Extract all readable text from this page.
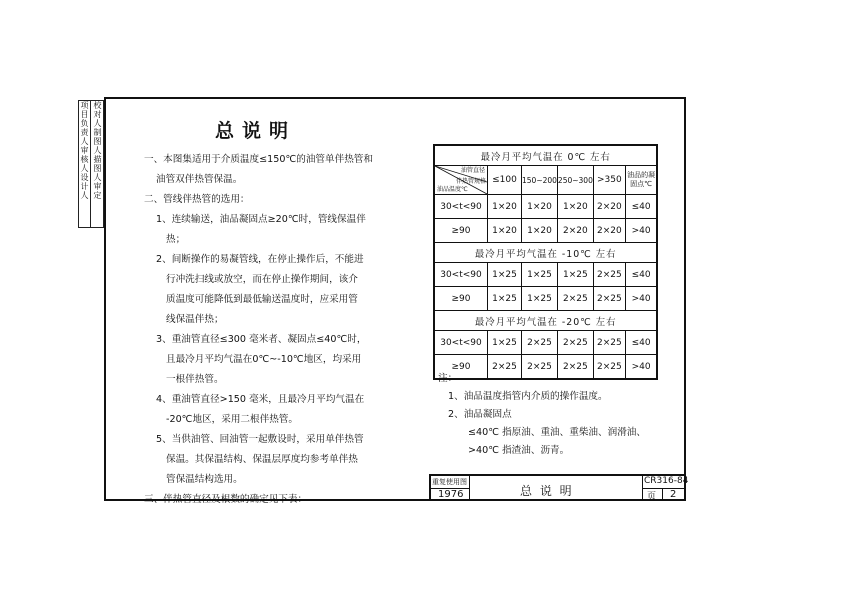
项目负责人审核人设计人 校对人制图人描图人审定	总说明

一、本图集适用于介质温度≤150℃的油管单伴热管和

油管双伴热管保温。

二、管线伴热管的选用：

1、连续输送，油品凝固点≥20℃时，管线保温伴

热；

2、间断操作的易凝管线，在停止操作后，不能进

行冲洗扫线或放空，而在停止操作期间，该介

质温度可能降低到最低输送温度时，应采用管

线保温伴热；

3、重油管直径≤300 毫米者、凝固点≤40℃时，

且最冷月平均气温在0℃~-10℃地区，均采用

一根伴热管。

4、重油管直径>150 毫米，且最冷月平均气温在

-20℃地区，采用二根伴热管。

5、当供油管、回油管一起敷设时，采用单伴热管

保温。其保温结构、保温层厚度均参考单伴热

管保温结构选用。

三、伴热管直径及根数的确定见下表：

最冷月平均气温在 0℃ 左右					

油管直径
伴热管规格
油品温度℃	≤100	150~200	250~300	>350	油品的凝固点℃
30<t<90	1×20	1×20	1×20	2×20	≤40
≥90	1×20	1×20	2×20	2×20	>40
最冷月平均气温在 -10℃ 左右					
30<t<90	1×25	1×25	1×25	2×25	≤40
≥90	1×25	1×25	2×25	2×25	>40
最冷月平均气温在 -20℃ 左右					
30<t<90	1×25	2×25	2×25	2×25	≤40
≥90	2×25	2×25	2×25	2×25	>40

注：

1、油品温度指管内介质的操作温度。

2、油品凝固点

≤40℃ 指原油、重油、重柴油、润滑油、

>40℃ 指渣油、沥青。

重复使用图
1976	总 说 明
CR316-84
页 2
